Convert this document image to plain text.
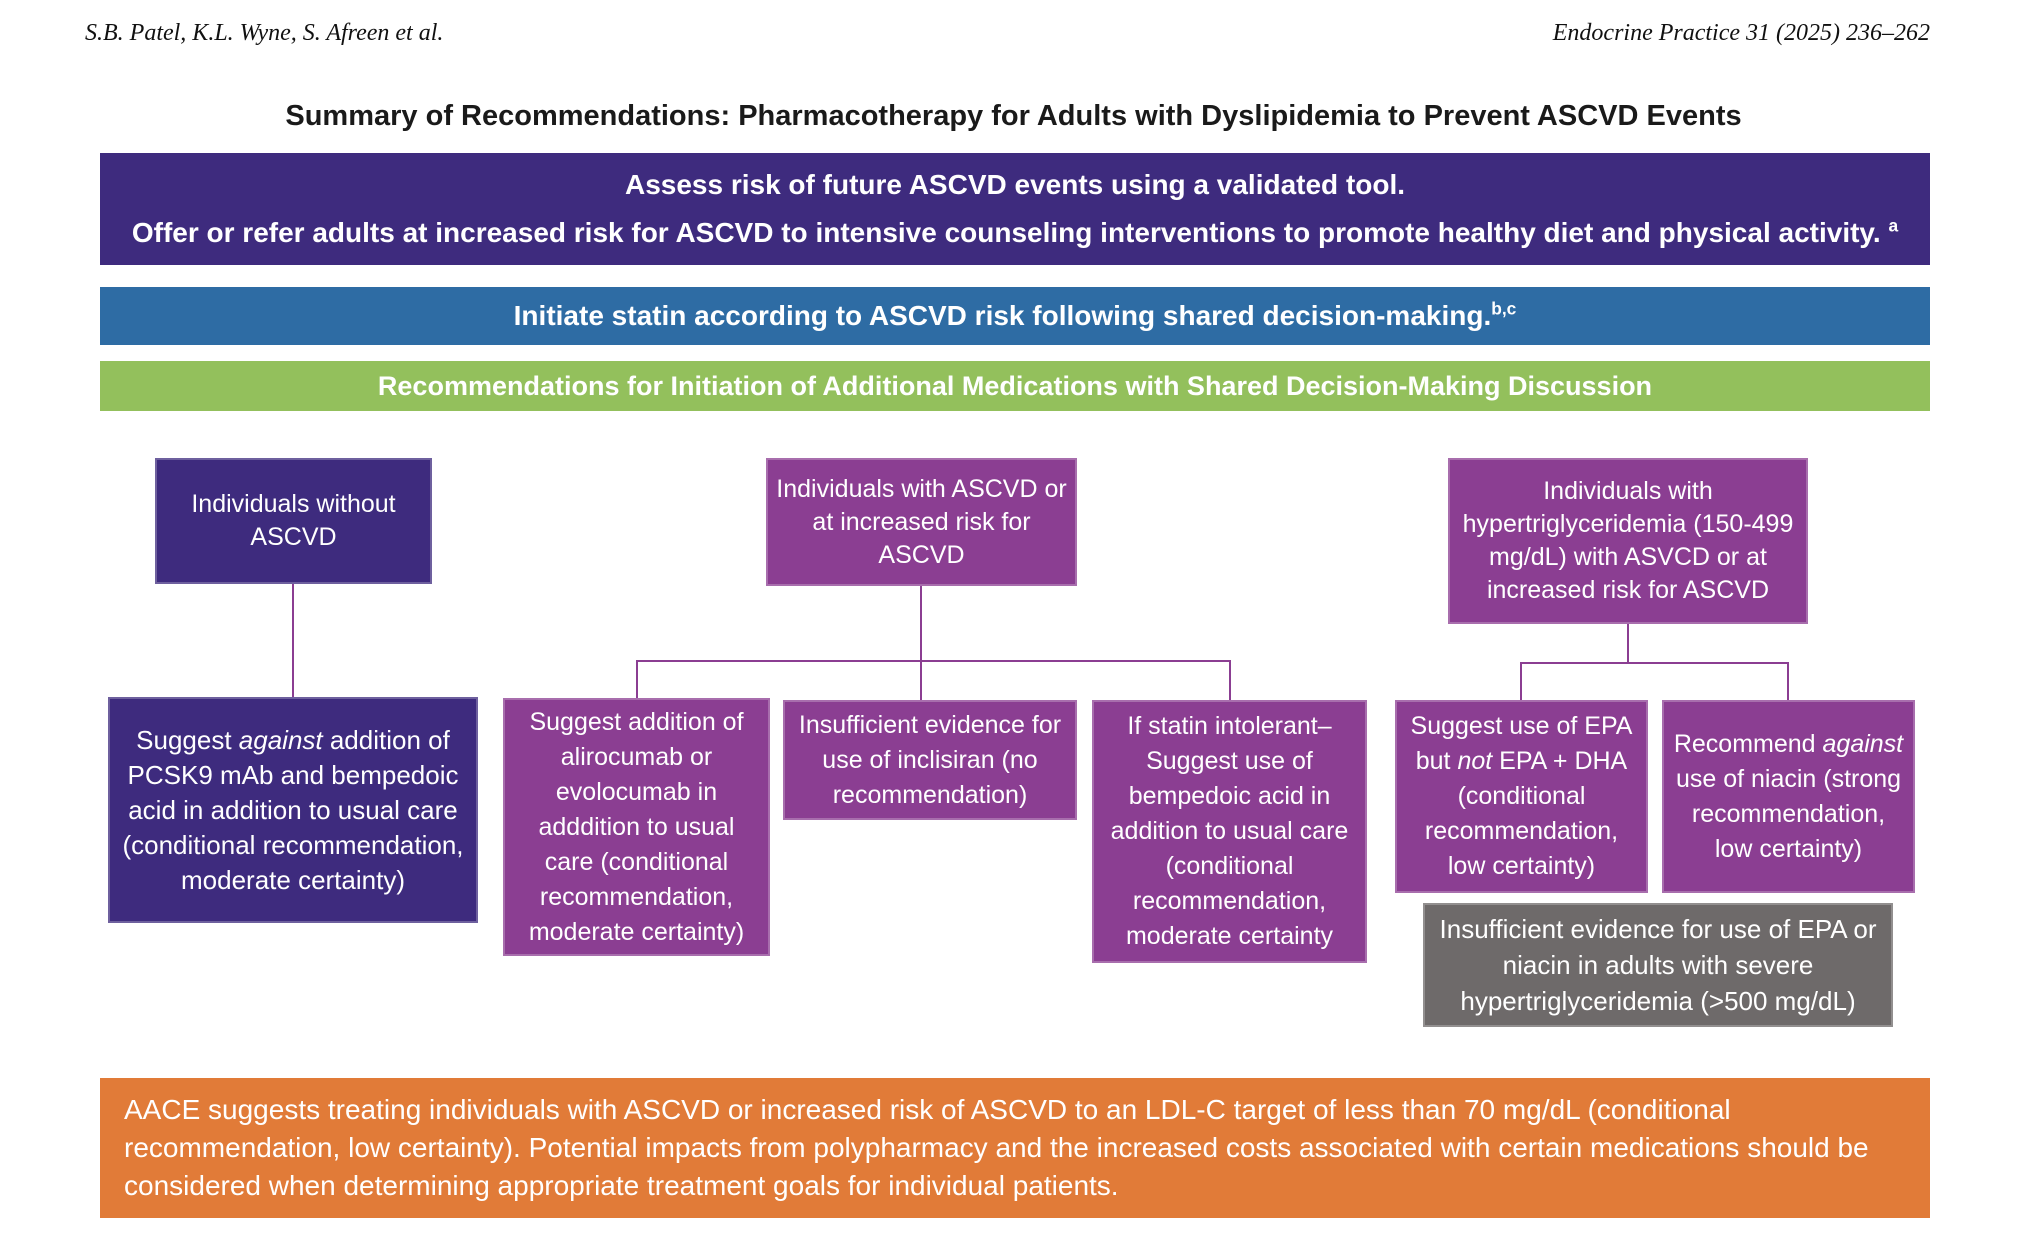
S.B. Patel, K.L. Wyne, S. Afreen et al.	Endocrine Practice 31 (2025) 236–262
Summary of Recommendations: Pharmacotherapy for Adults with Dyslipidemia to Prevent ASCVD Events
Assess risk of future ASCVD events using a validated tool.
Offer or refer adults at increased risk for ASCVD to intensive counseling interventions to promote healthy diet and physical activity. $^a$
Initiate statin according to ASCVD risk following shared decision-making.$^{b,c}$
Recommendations for Initiation of Additional Medications with Shared Decision-Making Discussion
Individuals without ASCVD
Individuals with ASCVD or at increased risk for ASCVD
Individuals with hypertriglyceridemia (150-499 mg/dL) with ASVCD or at increased risk for ASCVD
Suggest against addition of PCSK9 mAb and bempedoic acid in addition to usual care (conditional recommendation, moderate certainty)
Suggest addition of alirocumab or evolocumab in adddition to usual care (conditional recommendation, moderate certainty)
Insufficient evidence for use of inclisiran (no recommendation)
If statin intolerant– Suggest use of bempedoic acid in addition to usual care (conditional recommendation, moderate certainty
Suggest use of EPA but not EPA + DHA (conditional recommendation, low certainty)
Recommend against use of niacin (strong recommendation, low certainty)
Insufficient evidence for use of EPA or niacin in adults with severe hypertriglyceridemia (>500 mg/dL)
AACE suggests treating individuals with ASCVD or increased risk of ASCVD to an LDL-C target of less than 70 mg/dL (conditional recommendation, low certainty). Potential impacts from polypharmacy and the increased costs associated with certain medications should be considered when determining appropriate treatment goals for individual patients.
